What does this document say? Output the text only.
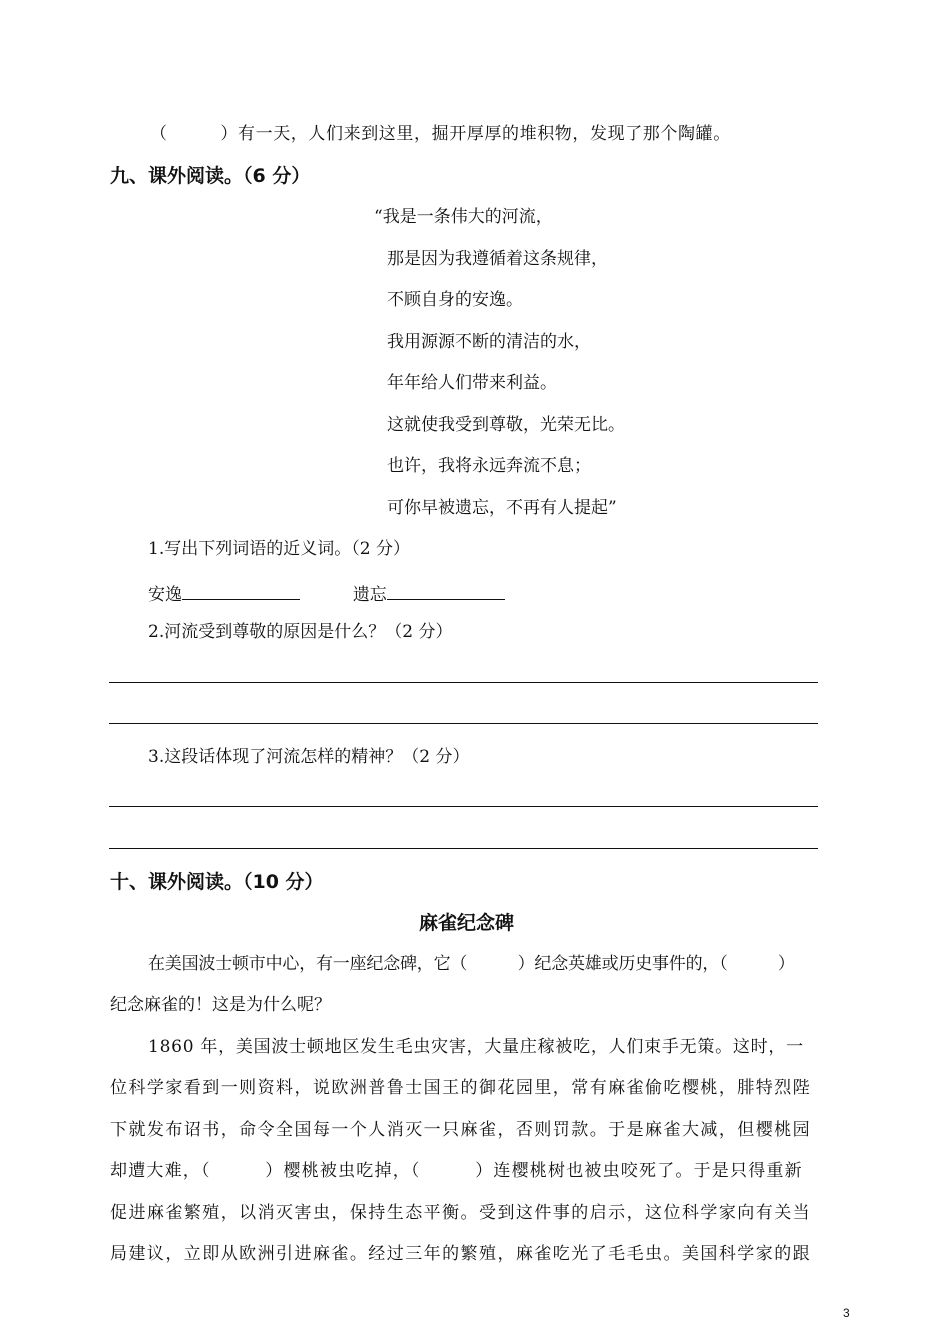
（　　　）有一天，人们来到这里，掘开厚厚的堆积物，发现了那个陶罐。
九、课外阅读。（6 分）
“我是一条伟大的河流，
那是因为我遵循着这条规律，
不顾自身的安逸。
我用源源不断的清洁的水，
年年给人们带来利益。
这就使我受到尊敬，光荣无比。
也许，我将永远奔流不息；
可你早被遗忘，不再有人提起”
1.写出下列词语的近义词。（2 分）
安逸	遗忘
2.河流受到尊敬的原因是什么？（2 分）
3.这段话体现了河流怎样的精神？（2 分）
十、课外阅读。（10 分）
麻雀纪念碑
在美国波士顿市中心，有一座纪念碑，它（　　　）纪念英雄或历史事件的，（　　　）
纪念麻雀的！这是为什么呢？
1860 年，美国波士顿地区发生毛虫灾害，大量庄稼被吃，人们束手无策。这时，一
位科学家看到一则资料，说欧洲普鲁士国王的御花园里，常有麻雀偷吃樱桃，腓特烈陛
下就发布诏书，命令全国每一个人消灭一只麻雀，否则罚款。于是麻雀大减，但樱桃园
却遭大难，（　　　）樱桃被虫吃掉，（　　　）连樱桃树也被虫咬死了。于是只得重新
促进麻雀繁殖，以消灭害虫，保持生态平衡。受到这件事的启示，这位科学家向有关当
局建议，立即从欧洲引进麻雀。经过三年的繁殖，麻雀吃光了毛毛虫。美国科学家的跟
3
